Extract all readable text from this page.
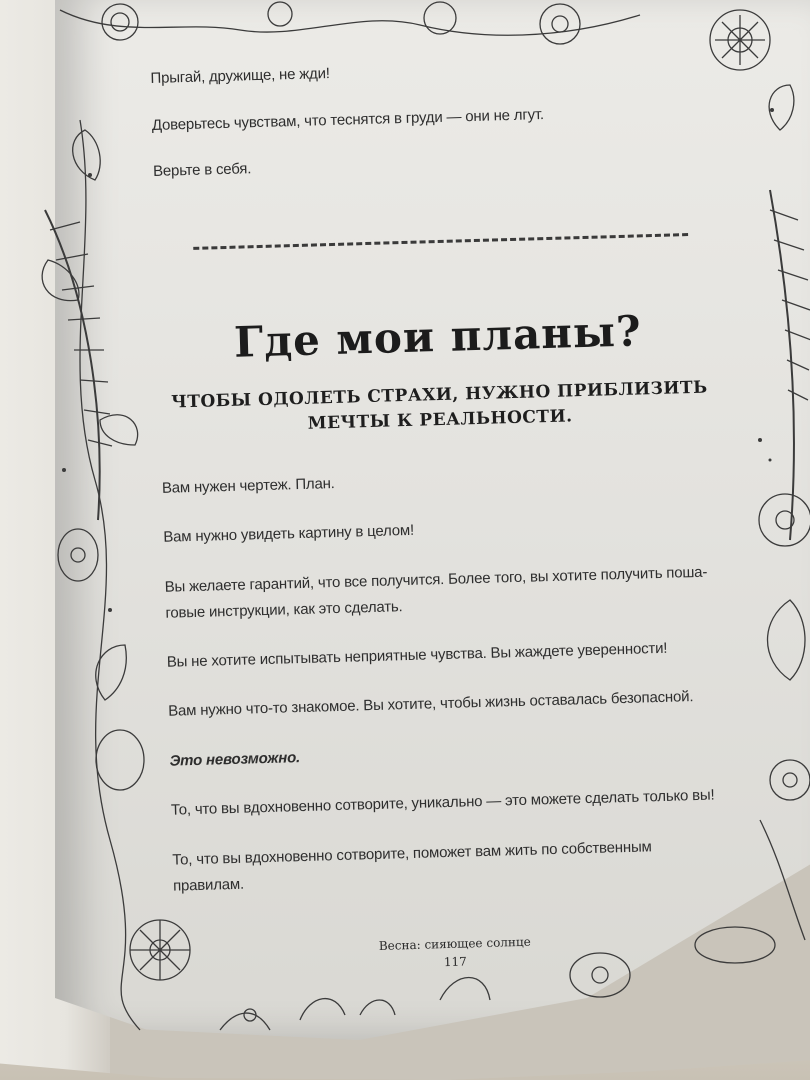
Прыгай, дружище, не жди!
Доверьтесь чувствам, что теснятся в груди — они не лгут.
Верьте в себя.
Где мои планы?
ЧТОБЫ ОДОЛЕТЬ СТРАХИ, НУЖНО ПРИБЛИЗИТЬ
МЕЧТЫ К РЕАЛЬНОСТИ.
Вам нужен чертеж. План.
Вам нужно увидеть картину в целом!
Вы желаете гарантий, что все получится. Более того, вы хотите получить поша-
говые инструкции, как это сделать.
Вы не хотите испытывать неприятные чувства. Вы жаждете уверенности!
Вам нужно что-то знакомое. Вы хотите, чтобы жизнь оставалась безопасной.
Это невозможно.
То, что вы вдохновенно сотворите, уникально — это можете сделать только вы!
То, что вы вдохновенно сотворите, поможет вам жить по собственным
правилам.
Весна: сияющее солнце
117
